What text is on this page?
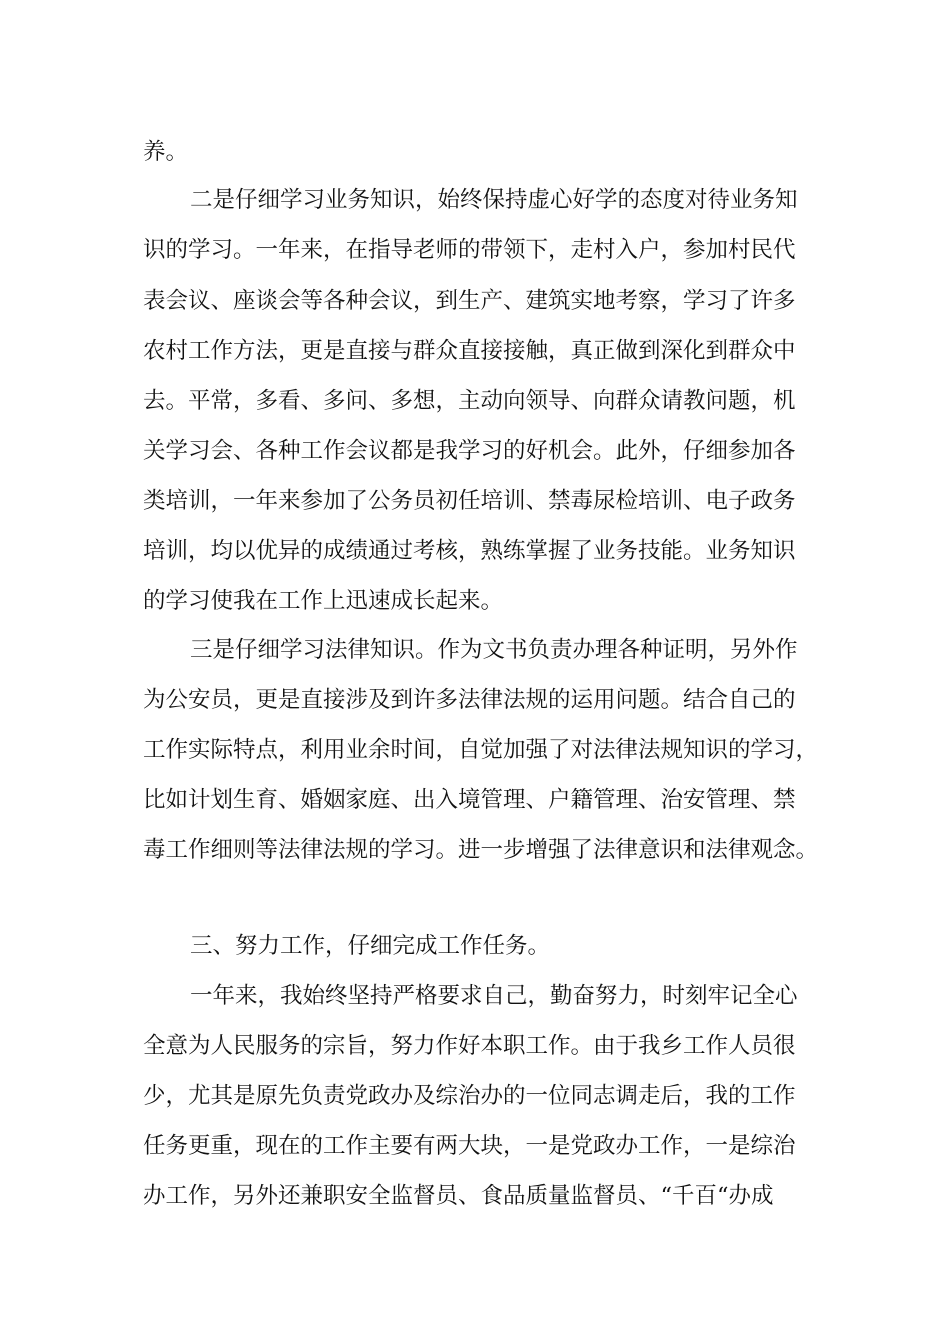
养。
二是仔细学习业务知识，始终保持虚心好学的态度对待业务知
识的学习。一年来，在指导老师的带领下，走村入户，参加村民代
表会议、座谈会等各种会议，到生产、建筑实地考察，学习了许多
农村工作方法，更是直接与群众直接接触，真正做到深化到群众中
去。平常，多看、多问、多想，主动向领导、向群众请教问题，机
关学习会、各种工作会议都是我学习的好机会。此外，仔细参加各
类培训，一年来参加了公务员初任培训、禁毒尿检培训、电子政务
培训，均以优异的成绩通过考核，熟练掌握了业务技能。业务知识
的学习使我在工作上迅速成长起来。
三是仔细学习法律知识。作为文书负责办理各种证明，另外作
为公安员，更是直接涉及到许多法律法规的运用问题。结合自己的
工作实际特点，利用业余时间，自觉加强了对法律法规知识的学习，
比如计划生育、婚姻家庭、出入境管理、户籍管理、治安管理、禁
毒工作细则等法律法规的学习。进一步增强了法律意识和法律观念。
三、努力工作，仔细完成工作任务。
一年来，我始终坚持严格要求自己，勤奋努力，时刻牢记全心
全意为人民服务的宗旨，努力作好本职工作。由于我乡工作人员很
少，尤其是原先负责党政办及综治办的一位同志调走后，我的工作
任务更重，现在的工作主要有两大块，一是党政办工作，一是综治
办工作，另外还兼职安全监督员、食品质量监督员、“千百“办成
